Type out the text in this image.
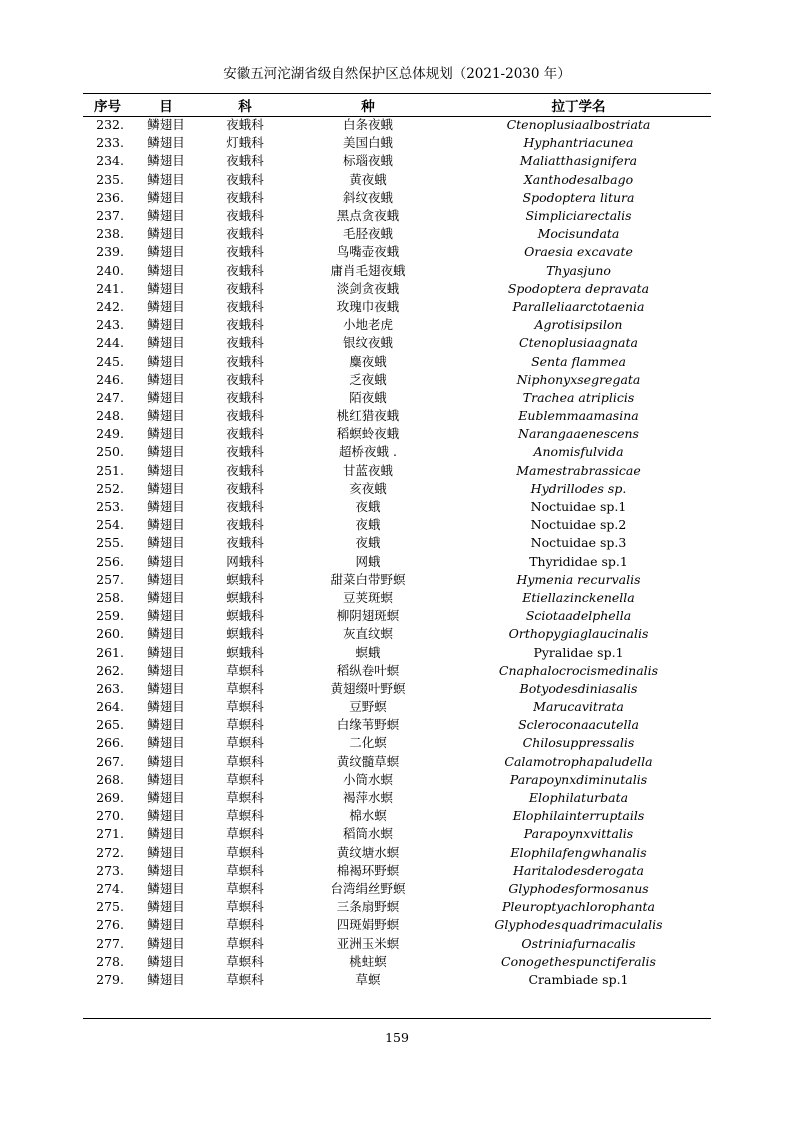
安徽五河沱湖省级自然保护区总体规划（2021-2030 年）
序号	目	科	种	拉丁学名
232.	鳞翅目	夜蛾科	白条夜蛾	Ctenoplusiaalbostriata
233.	鳞翅目	灯蛾科	美国白蛾	Hyphantriacunea
234.	鳞翅目	夜蛾科	标瑙夜蛾	Maliatthasignifera
235.	鳞翅目	夜蛾科	黄夜蛾	Xanthodesalbago
236.	鳞翅目	夜蛾科	斜纹夜蛾	Spodoptera litura
237.	鳞翅目	夜蛾科	黑点贪夜蛾	Simpliciarectalis
238.	鳞翅目	夜蛾科	毛胫夜蛾	Mocisundata
239.	鳞翅目	夜蛾科	鸟嘴壶夜蛾	Oraesia excavate
240.	鳞翅目	夜蛾科	庸肖毛翅夜蛾	Thyasjuno
241.	鳞翅目	夜蛾科	淡剑贪夜蛾	Spodoptera depravata
242.	鳞翅目	夜蛾科	玫瑰巾夜蛾	Parallelіaarctotaenia
243.	鳞翅目	夜蛾科	小地老虎	Agrotisipsilon
244.	鳞翅目	夜蛾科	银纹夜蛾	Ctenoplusiaagnata
245.	鳞翅目	夜蛾科	麋夜蛾	Senta flammea
246.	鳞翅目	夜蛾科	乏夜蛾	Niphonyxsegregata
247.	鳞翅目	夜蛾科	陌夜蛾	Trachea atriplicis
248.	鳞翅目	夜蛾科	桃红猎夜蛾	Eublemmaamasina
249.	鳞翅目	夜蛾科	稻螟蛉夜蛾	Narangaaenescens
250.	鳞翅目	夜蛾科	超桥夜蛾 .	Anomisfulvida
251.	鳞翅目	夜蛾科	甘蓝夜蛾	Mamestrabrassicae
252.	鳞翅目	夜蛾科	亥夜蛾	Hydrillodes sp.
253.	鳞翅目	夜蛾科	夜蛾	Noctuidae sp.1
254.	鳞翅目	夜蛾科	夜蛾	Noctuidae sp.2
255.	鳞翅目	夜蛾科	夜蛾	Noctuidae sp.3
256.	鳞翅目	网蛾科	网蛾	Thyrididae sp.1
257.	鳞翅目	螟蛾科	甜菜白带野螟	Hymenia recurvalis
258.	鳞翅目	螟蛾科	豆荚斑螟	Etiellazinckenella
259.	鳞翅目	螟蛾科	柳阴翅斑螟	Sciotaadelphella
260.	鳞翅目	螟蛾科	灰直纹螟	Orthopygiaglaucinalis
261.	鳞翅目	螟蛾科	螟蛾	Pyralidae sp.1
262.	鳞翅目	草螟科	稻纵卷叶螟	Cnaphalocrocismedinalis
263.	鳞翅目	草螟科	黄翅缀叶野螟	Botyodesdiniasalis
264.	鳞翅目	草螟科	豆野螟	Marucavitrata
265.	鳞翅目	草螟科	白缘苇野螟	Scleroconaacutella
266.	鳞翅目	草螟科	二化螟	Chilosuppressalis
267.	鳞翅目	草螟科	黄纹髓草螟	Calamotrophapaludella
268.	鳞翅目	草螟科	小筒水螟	Parapoynxdiminutalis
269.	鳞翅目	草螟科	褐萍水螟	Elophilaturbata
270.	鳞翅目	草螟科	棉水螟	Elophilainterruptails
271.	鳞翅目	草螟科	稻筒水螟	Parapoynxvittalis
272.	鳞翅目	草螟科	黄纹塘水螟	Elophilafengwhanalis
273.	鳞翅目	草螟科	棉褐环野螟	Haritalodesderogata
274.	鳞翅目	草螟科	台湾绢丝野螟	Glyphodesformosanus
275.	鳞翅目	草螟科	三条扇野螟	Pleuroptyachlorophanta
276.	鳞翅目	草螟科	四斑娟野螟	Glyphodesquadrimaculalis
277.	鳞翅目	草螟科	亚洲玉米螟	Ostriniafurnacalis
278.	鳞翅目	草螟科	桃蛀螟	Conogethespunctiferalis
279.	鳞翅目	草螟科	草螟	Crambiade sp.1
159
